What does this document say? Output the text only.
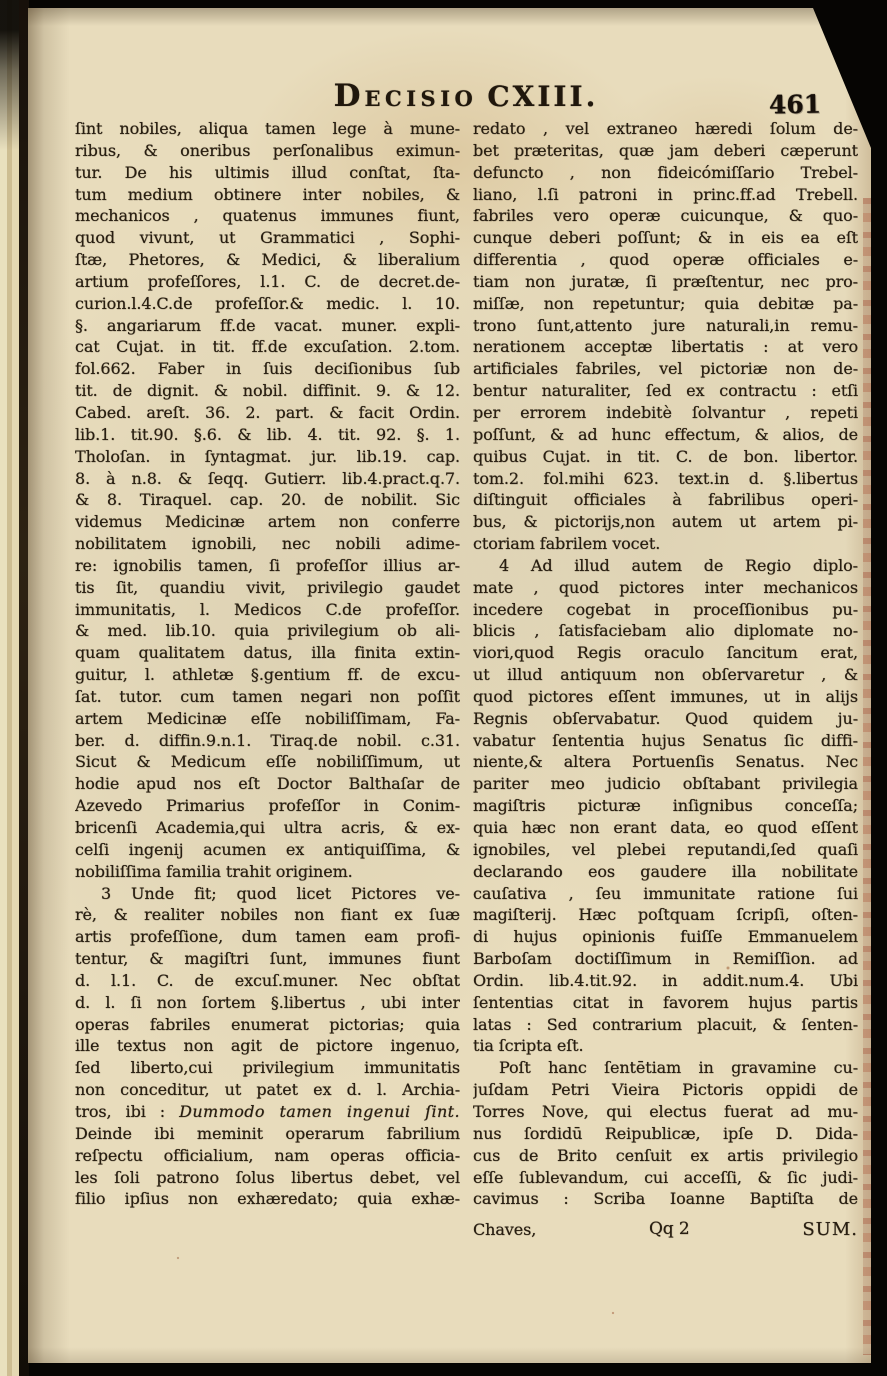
DECISIO CXIII.	461
ſint nobiles, aliqua tamen lege à mune-
ribus, & oneribus perſonalibus eximun-
tur. De his ultimis illud conſtat, ſta-
tum medium obtinere inter nobiles, &
mechanicos , quatenus immunes fiunt,
quod vivunt, ut Grammatici , Sophi-
ſtæ, Phetores, & Medici, & liberalium
artium profeſſores, l.1. C. de decret.de-
curion.l.4.C.de profeſſor.& medic. l. 10.
§. angariarum ff.de vacat. muner. expli-
cat Cujat. in tit. ff.de excuſation. 2.tom.
fol.662. Faber in ſuis deciſionibus ſub
tit. de dignit. & nobil. diffinit. 9. & 12.
Cabed. areſt. 36. 2. part. & facit Ordin.
lib.1. tit.90. §.6. & lib. 4. tit. 92. §. 1.
Tholoſan. in ſyntagmat. jur. lib.19. cap.
8. à n.8. & ſeqq. Gutierr. lib.4.pract.q.7.
& 8. Tiraquel. cap. 20. de nobilit. Sic
videmus Medicinæ artem non conferre
nobilitatem ignobili, nec nobili adime-
re: ignobilis tamen, ſi profeſſor illius ar-
tis ſit, quandiu vivit, privilegio gaudet
immunitatis, l. Medicos C.de profeſſor.
& med. lib.10. quia privilegium ob ali-
quam qualitatem datus, illa finita extin-
guitur, l. athletæ §.gentium ff. de excu-
ſat. tutor. cum tamen negari non poſſit
artem Medicinæ eſſe nobiliſſimam, Fa-
ber. d. diffin.9.n.1. Tiraq.de nobil. c.31.
Sicut & Medicum eſſe nobiliſſimum, ut
hodie apud nos eſt Doctor Balthaſar de
Azevedo Primarius profeſſor in Conim-
bricenſi Academia,qui ultra acris, & ex-
celſi ingenij acumen ex antiquiſſima, &
nobiliſſima familia trahit originem.
3 Unde fit; quod licet Pictores ve-
rè, & realiter nobiles non fiant ex ſuæ
artis profeſſione, dum tamen eam profi-
tentur, & magiſtri ſunt, immunes fiunt
d. l.1. C. de excuſ.muner. Nec obſtat
d. l. ſi non ſortem §.libertus , ubi inter
operas fabriles enumerat pictorias; quia
ille textus non agit de pictore ingenuo,
ſed liberto,cui privilegium immunitatis
non conceditur, ut patet ex d. l. Archia-
tros, ibi : Dummodo tamen ingenui ſint.
Deinde ibi meminit operarum fabrilium
reſpectu officialium, nam operas officia-
les ſoli patrono ſolus libertus debet, vel
filio ipſius non exhæredato; quia exhæ-
redato , vel extraneo hæredi ſolum de-
bet præteritas, quæ jam deberi cæperunt
defuncto , non fideicómiſſario Trebel-
liano, l.ſi patroni in princ.ff.ad Trebell.
fabriles vero operæ cuicunque, & quo-
cunque deberi poſſunt; & in eis ea eſt
differentia , quod operæ officiales e-
tiam non juratæ, ſi præſtentur, nec pro-
miſſæ, non repetuntur; quia debitæ pa-
trono ſunt,attento jure naturali,in remu-
nerationem acceptæ libertatis : at vero
artificiales fabriles, vel pictoriæ non de-
bentur naturaliter, ſed ex contractu : etſi
per errorem indebitè ſolvantur , repeti
poſſunt, & ad hunc effectum, & alios, de
quibus Cujat. in tit. C. de bon. libertor.
tom.2. fol.mihi 623. text.in d. §.libertus
diſtinguit officiales à fabrilibus operi-
bus, & pictorijs,non autem ut artem pi-
ctoriam fabrilem vocet.
4 Ad illud autem de Regio diplo-
mate , quod pictores inter mechanicos
incedere cogebat in proceſſionibus pu-
blicis , ſatisfaciebam alio diplomate no-
viori,quod Regis oraculo ſancitum erat,
ut illud antiquum non obſervaretur , &
quod pictores eſſent immunes, ut in alijs
Regnis obſervabatur. Quod quidem ju-
vabatur ſententia hujus Senatus ſic diffi-
niente,& altera Portuenſis Senatus. Nec
pariter meo judicio obſtabant privilegia
magiſtris picturæ inſignibus conceſſa;
quia hæc non erant data, eo quod eſſent
ignobiles, vel plebei reputandi,ſed quaſi
declarando eos gaudere illa nobilitate
cauſativa , ſeu immunitate ratione ſui
magiſterij. Hæc poſtquam ſcripſi, oſten-
di hujus opinionis fuiſſe Emmanuelem
Barboſam doctiſſimum in Remiſſion. ad
Ordin. lib.4.tit.92. in addit.num.4. Ubi
ſententias citat in favorem hujus partis
latas : Sed contrarium placuit, & ſenten-
tia ſcripta eſt.
Poſt hanc ſentētiam in gravamine cu-
juſdam Petri Vieira Pictoris oppidi de
Torres Nove, qui electus fuerat ad mu-
nus ſordidū Reipublicæ, ipſe D. Dida-
cus de Brito cenſuit ex artis privilegio
eſſe ſublevandum, cui acceſſi, & ſic judi-
cavimus : Scriba Ioanne Baptiſta de
Chaves,	Qq 2	SUM.
